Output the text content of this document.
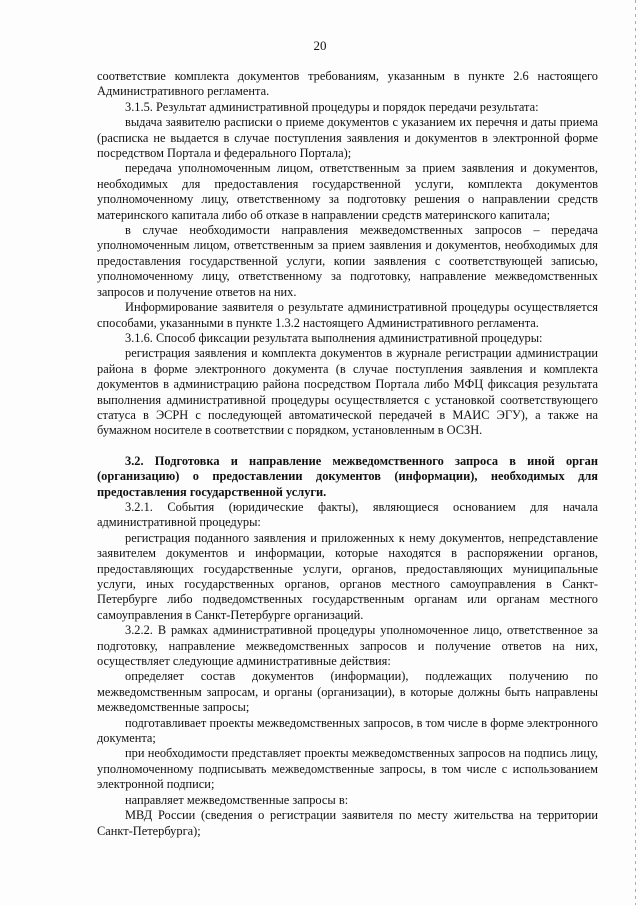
20

соответствие комплекта документов требованиям, указанным в пункте 2.6 настоящего Административного регламента.

3.1.5. Результат административной процедуры и порядок передачи результата:

выдача заявителю расписки о приеме документов с указанием их перечня и даты приема (расписка не выдается в случае поступления заявления и документов в электронной форме посредством Портала и федерального Портала);

передача уполномоченным лицом, ответственным за прием заявления и документов, необходимых для предоставления государственной услуги, комплекта документов уполномоченному лицу, ответственному за подготовку решения о направлении средств материнского капитала либо об отказе в направлении средств материнского капитала;

в случае необходимости направления межведомственных запросов – передача уполномоченным лицом, ответственным за прием заявления и документов, необходимых для предоставления государственной услуги, копии заявления с соответствующей записью, уполномоченному лицу, ответственному за подготовку, направление межведомственных запросов и получение ответов на них.

Информирование заявителя о результате административной процедуры осуществляется способами, указанными в пункте 1.3.2 настоящего Административного регламента.

3.1.6. Способ фиксации результата выполнения административной процедуры:

регистрация заявления и комплекта документов в журнале регистрации администрации района в форме электронного документа (в случае поступления заявления и комплекта документов в администрацию района посредством Портала либо МФЦ фиксация результата выполнения административной процедуры осуществляется с установкой соответствующего статуса в ЭСРН с последующей автоматической передачей в МАИС ЭГУ), а также на бумажном носителе в соответствии с порядком, установленным в ОСЗН.

3.2. Подготовка и направление межведомственного запроса в иной орган (организацию) о предоставлении документов (информации), необходимых для предоставления государственной услуги.

3.2.1. События (юридические факты), являющиеся основанием для начала административной процедуры:

регистрация поданного заявления и приложенных к нему документов, непредставление заявителем документов и информации, которые находятся в распоряжении органов, предоставляющих государственные услуги, органов, предоставляющих муниципальные услуги, иных государственных органов, органов местного самоуправления в Санкт-Петербурге либо подведомственных государственным органам или органам местного самоуправления в Санкт-Петербурге организаций.

3.2.2. В рамках административной процедуры уполномоченное лицо, ответственное за подготовку, направление межведомственных запросов и получение ответов на них, осуществляет следующие административные действия:

определяет состав документов (информации), подлежащих получению по межведомственным запросам, и органы (организации), в которые должны быть направлены межведомственные запросы;

подготавливает проекты межведомственных запросов, в том числе в форме электронного документа;

при необходимости представляет проекты межведомственных запросов на подпись лицу, уполномоченному подписывать межведомственные запросы, в том числе с использованием электронной подписи;

направляет межведомственные запросы в:

МВД России (сведения о регистрации заявителя по месту жительства на территории Санкт-Петербурга);
